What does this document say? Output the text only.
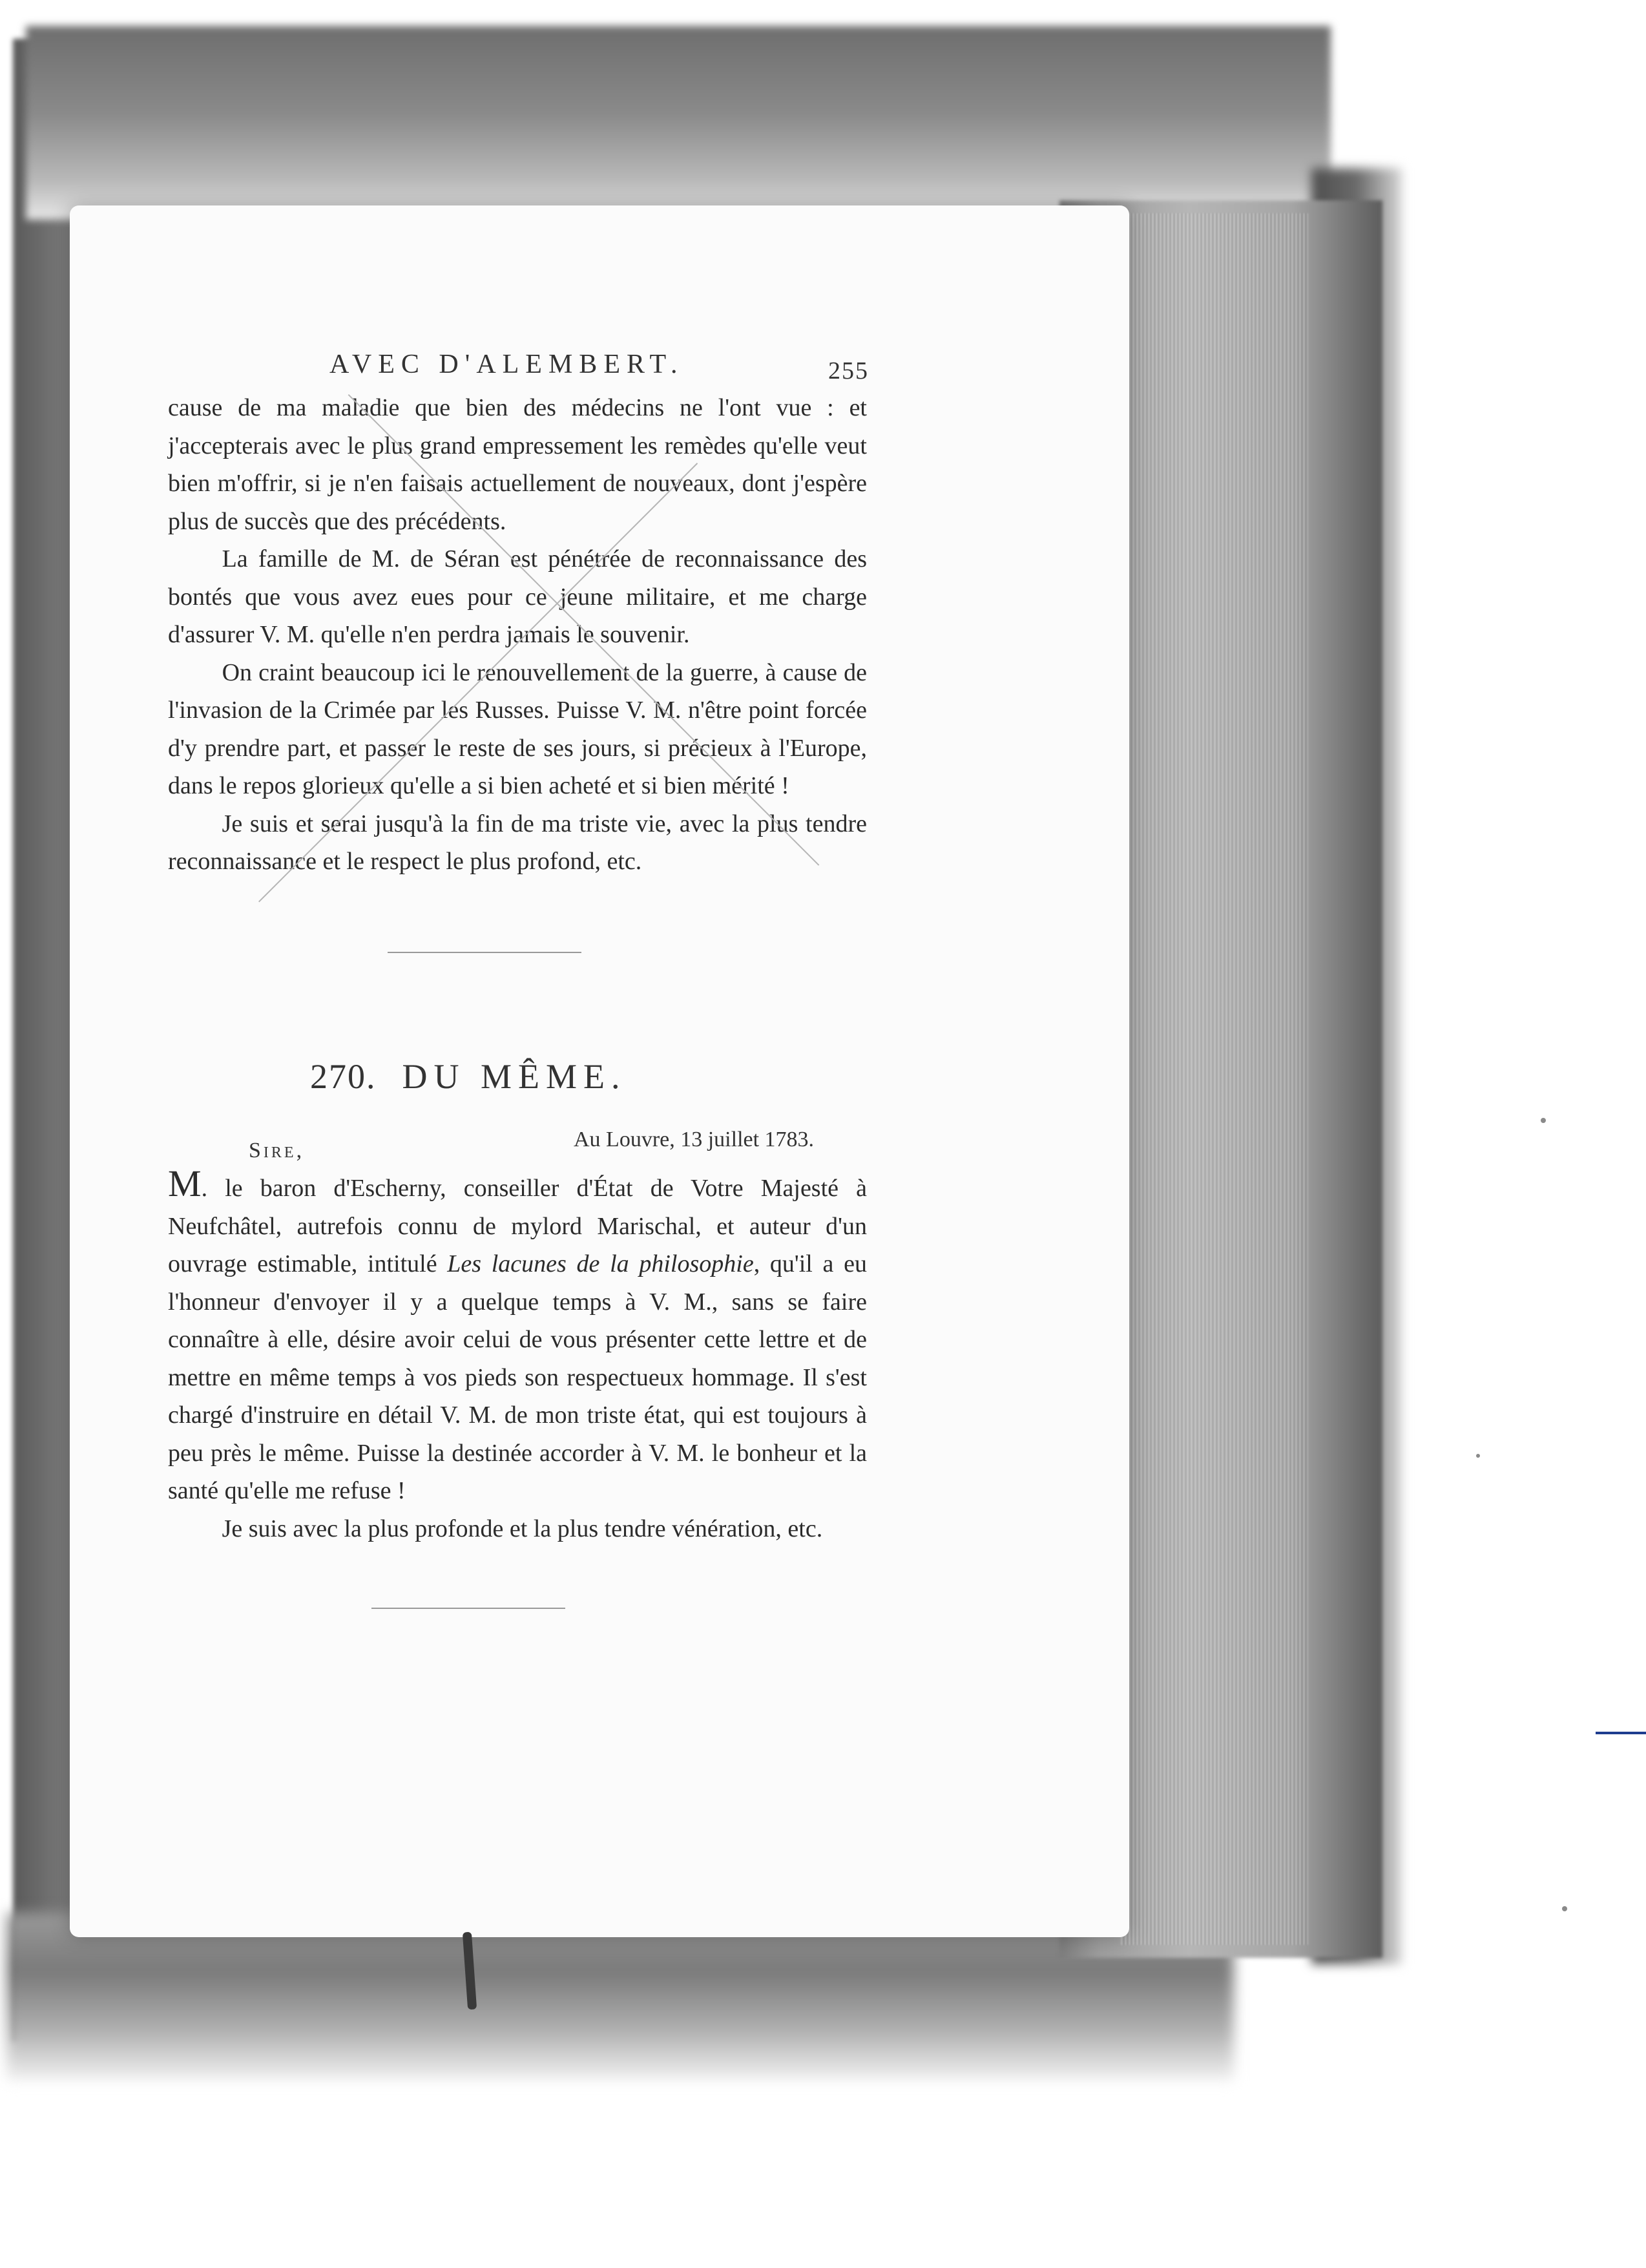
AVEC D'ALEMBERT.	255

cause de ma maladie que bien des médecins ne l'ont vue : et j'accepterais avec le plus grand empressement les remèdes qu'elle veut bien m'offrir, si je n'en faisais actuellement de nouveaux, dont j'espère plus de succès que des précédents.

La famille de M. de Séran est pénétrée de reconnaissance des bontés que vous avez eues pour ce jeune militaire, et me charge d'assurer V. M. qu'elle n'en perdra jamais le souvenir.

On craint beaucoup ici le renouvellement de la guerre, à cause de l'invasion de la Crimée par les Russes. Puisse V. M. n'être point forcée d'y prendre part, et passer le reste de ses jours, si précieux à l'Europe, dans le repos glorieux qu'elle a si bien acheté et si bien mérité !

Je suis et serai jusqu'à la fin de ma triste vie, avec la plus tendre reconnaissance et le respect le plus profond, etc.

270. DU MÊME.
Sire,	Au Louvre, 13 juillet 1783.

M. le baron d'Escherny, conseiller d'État de Votre Majesté à Neufchâtel, autrefois connu de mylord Marischal, et auteur d'un ouvrage estimable, intitulé Les lacunes de la philosophie, qu'il a eu l'honneur d'envoyer il y a quelque temps à V. M., sans se faire connaître à elle, désire avoir celui de vous présenter cette lettre et de mettre en même temps à vos pieds son respectueux hommage. Il s'est chargé d'instruire en détail V. M. de mon triste état, qui est toujours à peu près le même. Puisse la destinée accorder à V. M. le bonheur et la santé qu'elle me refuse !

Je suis avec la plus profonde et la plus tendre vénération, etc.
